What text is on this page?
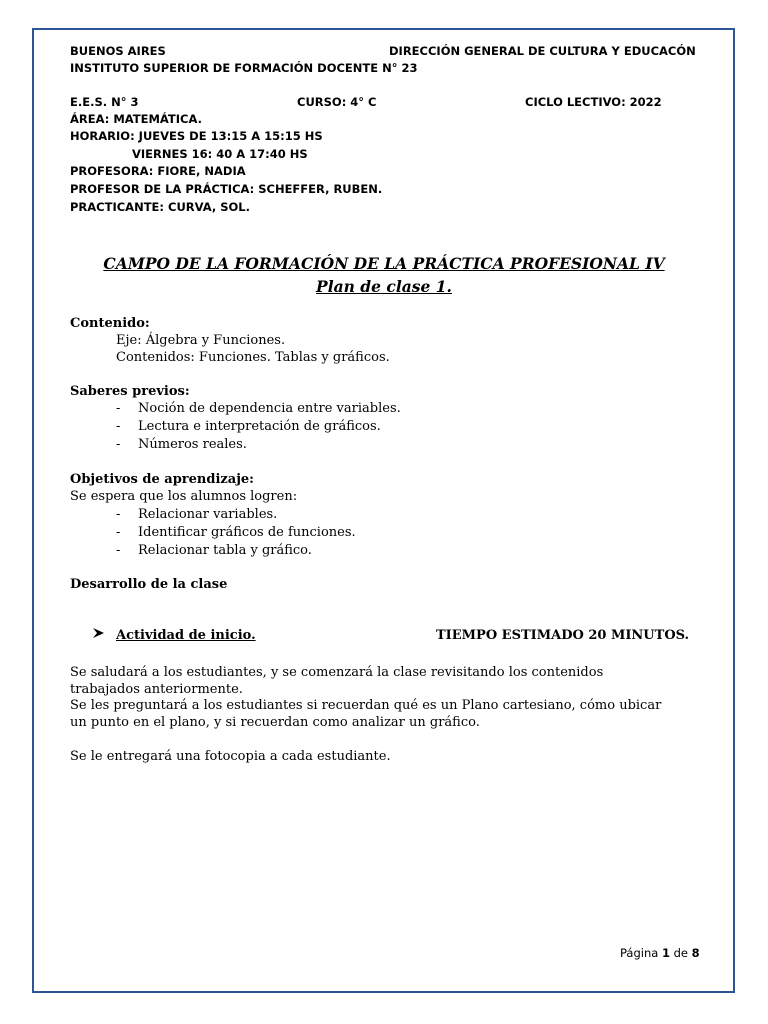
BUENOS AIRES	DIRECCIÓN GENERAL DE CULTURA Y EDUCACÓN
INSTITUTO SUPERIOR DE FORMACIÓN DOCENTE N° 23
E.E.S. N° 3	CURSO: 4° C	CICLO LECTIVO: 2022
ÁREA: MATEMÁTICA.
HORARIO: JUEVES DE 13:15 A 15:15 HS
VIERNES 16: 40 A 17:40 HS
PROFESORA: FIORE, NADIA
PROFESOR DE LA PRÁCTICA: SCHEFFER, RUBEN.
PRACTICANTE: CURVA, SOL.
CAMPO DE LA FORMACIÓN DE LA PRÁCTICA PROFESIONAL IV
Plan de clase 1.
Contenido:
Eje: Álgebra y Funciones.
Contenidos: Funciones. Tablas y gráficos.
Saberes previos:
- Noción de dependencia entre variables.
- Lectura e interpretación de gráficos.
- Números reales.
Objetivos de aprendizaje:
Se espera que los alumnos logren:
- Relacionar variables.
- Identificar gráficos de funciones.
- Relacionar tabla y gráfico.
Desarrollo de la clase
Actividad de inicio.	TIEMPO ESTIMADO 20 MINUTOS.
Se saludará a los estudiantes, y se comenzará la clase revisitando los contenidos
trabajados anteriormente.
Se les preguntará a los estudiantes si recuerdan qué es un Plano cartesiano, cómo ubicar
un punto en el plano, y si recuerdan como analizar un gráfico.
Se le entregará una fotocopia a cada estudiante.
Página 1 de 8
